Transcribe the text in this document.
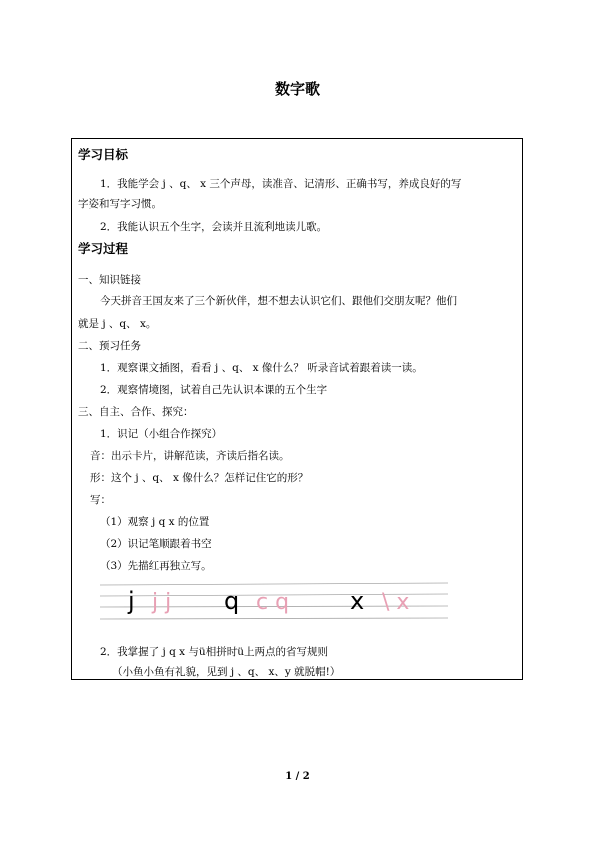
数字歌
学习目标
1．我能学会 j 、q、 x 三个声母，读准音、记清形、正确书写，养成良好的写
字姿和写字习惯。
2．我能认识五个生字，会读并且流利地读儿歌。
学习过程
一、知识链接
今天拼音王国友来了三个新伙伴，想不想去认识它们、跟他们交朋友呢？他们
就是 j 、q、 x。
二、预习任务
1．观察课文插图，看看 j 、q、 x 像什么？ 听录音试着跟着读一读。
2．观察情境图，试着自己先认识本课的五个生字
三、自主、合作、探究：
1．识记（小组合作探究）
音：出示卡片，讲解范读，齐读后指名读。
形：这个 j 、q、 x 像什么？怎样记住它的形？
写：
（1）观察 j q x 的位置
（2）识记笔顺跟着书空
（3）先描红再独立写。
j j j q c q	x \ x
2．我掌握了 j q x 与ü相拼时ü上两点的省写规则
（小鱼小鱼有礼貌，见到 j 、q、 x、y 就脱帽!）
1 / 2
